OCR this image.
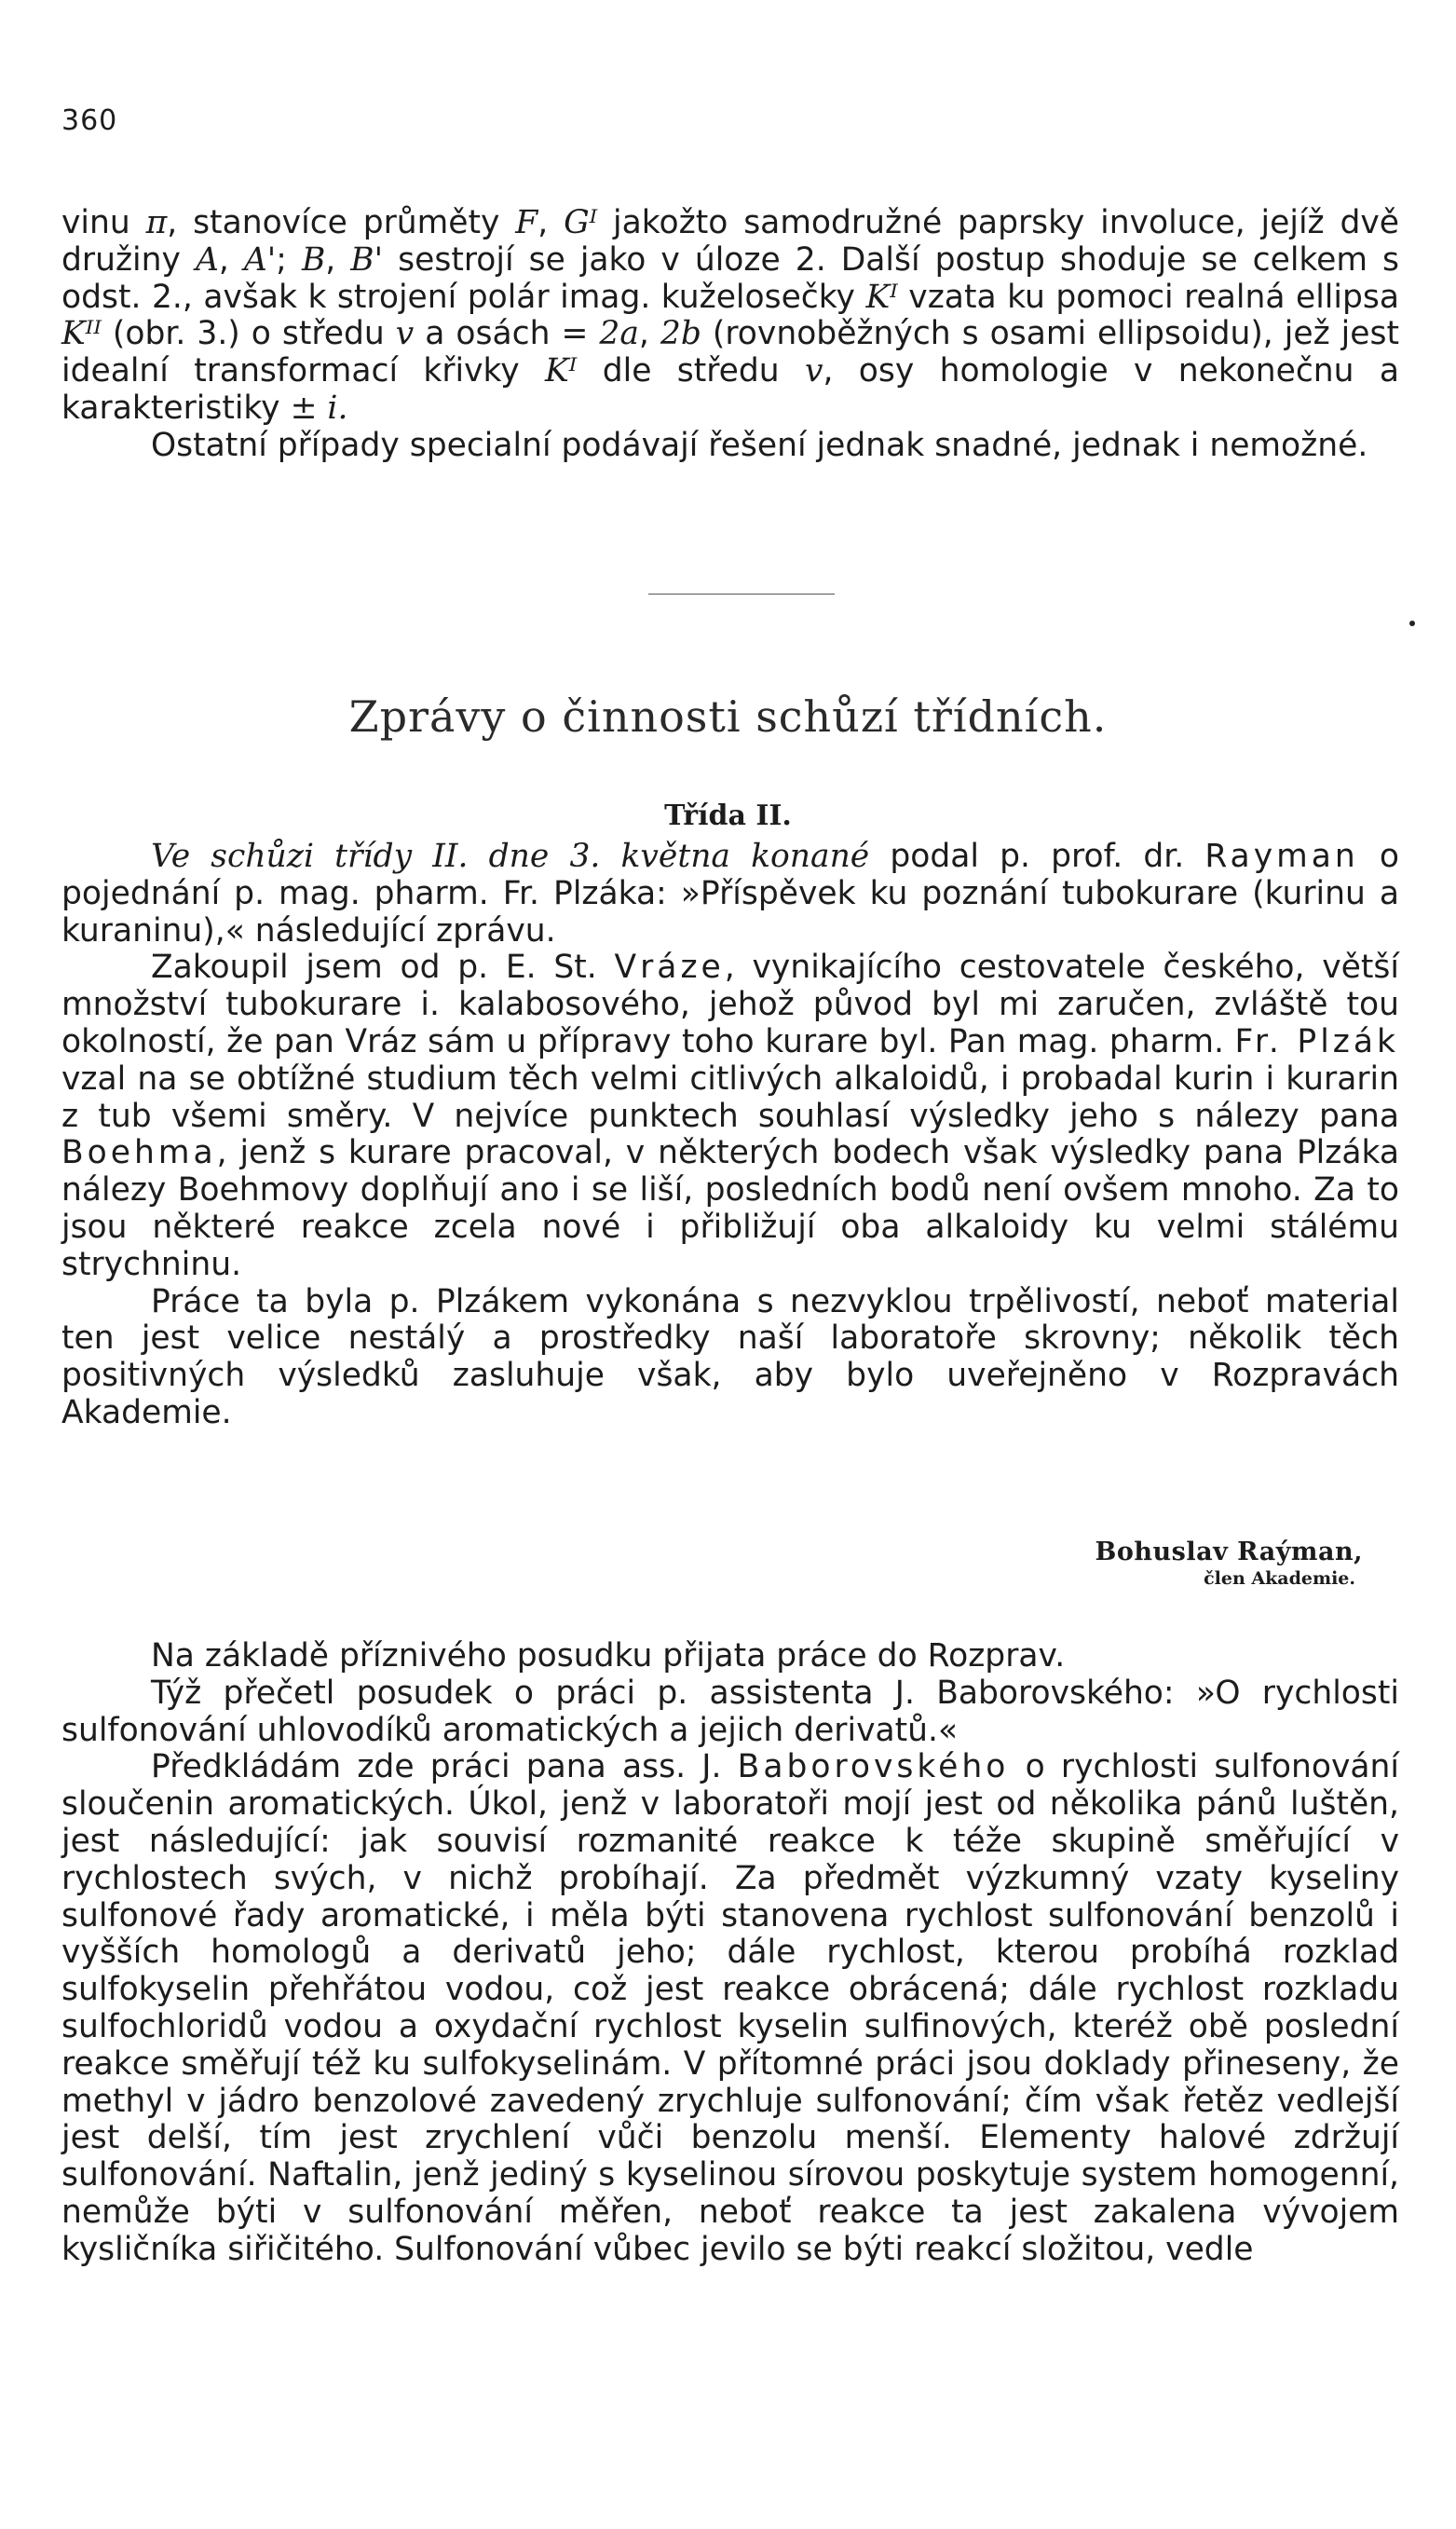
360

vinu π, stanovíce průměty F, Gᴵ jakožto samodružné paprsky involuce, jejíž dvě družiny A, A'; B, B' sestrojí se jako v úloze 2. Další postup shoduje se celkem s odst. 2., avšak k strojení polár imag. kuželosečky Kᴵ vzata ku pomoci realná ellipsa Kᴵᴵ (obr. 3.) o středu v a osách = 2a, 2b (rovnoběžných s osami ellipsoidu), jež jest idealní transformací křivky Kᴵ dle středu v, osy homologie v nekonečnu a karakteristiky ± i.

Ostatní případy specialní podávají řešení jednak snadné, jednak i nemožné.

Zprávy o činnosti schůzí třídních.
Třída II.

Ve schůzi třídy II. dne 3. května konané podal p. prof. dr. Rayman o pojednání p. mag. pharm. Fr. Plzáka: »Příspěvek ku poznání tubokurare (kurinu a kuraninu),« následující zprávu.

Zakoupil jsem od p. E. St. Vráze, vynikajícího cestovatele českého, větší množství tubokurare i. kalabosového, jehož původ byl mi zaručen, zvláště tou okolností, že pan Vráz sám u přípravy toho kurare byl. Pan mag. pharm. Fr. Plzák vzal na se obtížné studium těch velmi citlivých alkaloidů, i probadal kurin i kurarin z tub všemi směry. V nejvíce punktech souhlasí výsledky jeho s nálezy pana Boehma, jenž s kurare pracoval, v některých bodech však výsledky pana Plzáka nálezy Boehmovy doplňují ano i se liší, posledních bodů není ovšem mnoho. Za to jsou některé reakce zcela nové i přibližují oba alkaloidy ku velmi stálému strychninu.

Práce ta byla p. Plzákem vykonána s nezvyklou trpělivostí, neboť material ten jest velice nestálý a prostředky naší laboratoře skrovny; několik těch positivných výsledků zasluhuje však, aby bylo uveřejněno v Rozpravách Akademie.

Bohuslav Raýman,
člen Akademie.

Na základě příznivého posudku přijata práce do Rozprav.

Týž přečetl posudek o práci p. assistenta J. Baborovského: »O rychlosti sulfonování uhlovodíků aromatických a jejich derivatů.«

Předkládám zde práci pana ass. J. Baborovského o rychlosti sulfonování sloučenin aromatických. Úkol, jenž v laboratoři mojí jest od několika pánů luštěn, jest následující: jak souvisí rozmanité reakce k téže skupině směřující v rychlostech svých, v nichž probíhají. Za předmět výzkumný vzaty kyseliny sulfonové řady aromatické, i měla býti stanovena rychlost sulfonování benzolů i vyšších homologů a derivatů jeho; dále rychlost, kterou probíhá rozklad sulfokyselin přehřátou vodou, což jest reakce obrácená; dále rychlost rozkladu sulfochloridů vodou a oxydační rychlost kyselin sulfinových, kteréž obě poslední reakce směřují též ku sulfokyselinám. V přítomné práci jsou doklady přineseny, že methyl v jádro benzolové zavedený zrychluje sulfonování; čím však řetěz vedlejší jest delší, tím jest zrychlení vůči benzolu menší. Elementy halové zdržují sulfonování. Naftalin, jenž jediný s kyselinou sírovou poskytuje system homogenní, nemůže býti v sulfonování měřen, neboť reakce ta jest zakalena vývojem kysličníka siřičitého. Sulfonování vůbec jevilo se býti reakcí složitou, vedle
